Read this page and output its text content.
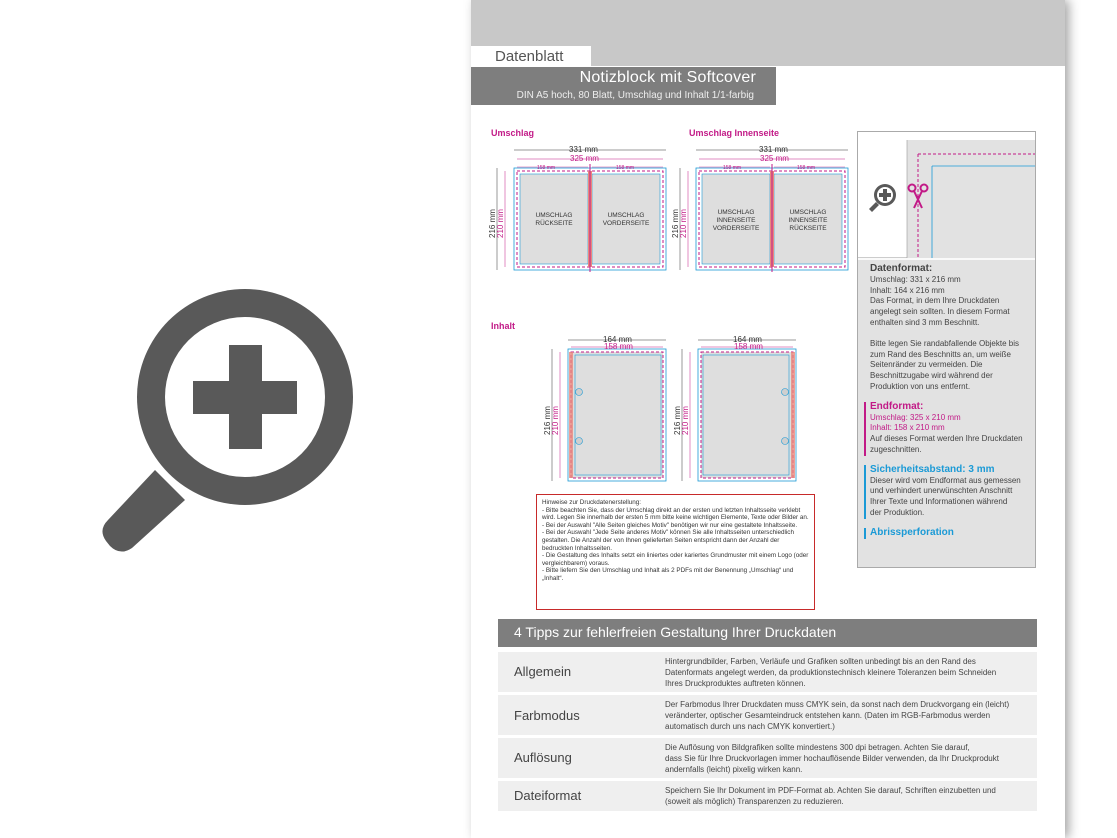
Datenblatt
Notizblock mit Softcover
DIN A5 hoch, 80 Blatt, Umschlag und Inhalt 1/1-farbig
Umschlag	Umschlag Innenseite
Inhalt
331 mm
325 mm
158 mm	158 mm
216 mm 210 mm	UMSCHLAG
RÜCKSEITE
UMSCHLAG
VORDERSEITE
331 mm
325 mm
158 mm	158 mm
216 mm 210 mm	UMSCHLAG
INNENSEITE
VORDERSEITE
UMSCHLAG
INNENSEITE
RÜCKSEITE
164 mm
158 mm
216 mm 210 mm
164 mm
158 mm
216 mm 210 mm
Datenformat:
Umschlag: 331 x 216 mm
Inhalt: 164 x 216 mm
Das Format, in dem Ihre Druckdaten
angelegt sein sollten. In diesem Format
enthalten sind 3 mm Beschnitt.
Bitte legen Sie randabfallende Objekte bis
zum Rand des Beschnitts an, um weiße
Seitenränder zu vermeiden. Die
Beschnittzugabe wird während der
Produktion von uns entfernt.
Endformat:
Umschlag: 325 x 210 mm
Inhalt: 158 x 210 mm
Auf dieses Format werden Ihre Druckdaten
zugeschnitten.
Sicherheitsabstand: 3 mm
Dieser wird vom Endformat aus gemessen
und verhindert unerwünschten Anschnitt
Ihrer Texte und Informationen während
der Produktion.
Abrissperforation
Hinweise zur Druckdatenerstellung:
- Bitte beachten Sie, dass der Umschlag direkt an der ersten und letzten Inhaltsseite verklebt wird. Legen Sie innerhalb der ersten 5 mm bitte keine wichtigen Elemente, Texte oder Bilder an.
- Bei der Auswahl "Alle Seiten gleiches Motiv" benötigen wir nur eine gestaltete Inhaltsseite.
- Bei der Auswahl "Jede Seite anderes Motiv" können Sie alle Inhaltsseiten unterschiedlich gestalten. Die Anzahl der von Ihnen gelieferten Seiten entspricht dann der Anzahl der bedruckten Inhaltsseiten.
- Die Gestaltung des Inhalts setzt ein liniertes oder kariertes Grundmuster mit einem Logo (oder vergleichbarem) voraus.
- Bitte liefern Sie den Umschlag und Inhalt als 2 PDFs mit der Benennung „Umschlag“ und „Inhalt“.
4 Tipps zur fehlerfreien Gestaltung Ihrer Druckdaten
Allgemein
Hintergrundbilder, Farben, Verläufe und Grafiken sollten unbedingt bis an den Rand des
Datenformats angelegt werden, da produktionstechnisch kleinere Toleranzen beim Schneiden
Ihres Druckproduktes auftreten können.
Farbmodus
Der Farbmodus Ihrer Druckdaten muss CMYK sein, da sonst nach dem Druckvorgang ein (leicht)
veränderter, optischer Gesamteindruck entstehen kann. (Daten im RGB-Farbmodus werden
automatisch durch uns nach CMYK konvertiert.)
Auflösung
Die Auflösung von Bildgrafiken sollte mindestens 300 dpi betragen. Achten Sie darauf,
dass Sie für Ihre Druckvorlagen immer hochauflösende Bilder verwenden, da Ihr Druckprodukt
andernfalls (leicht) pixelig wirken kann.
Dateiformat	Speichern Sie Ihr Dokument im PDF-Format ab. Achten Sie darauf, Schriften einzubetten und
(soweit als möglich) Transparenzen zu reduzieren.
